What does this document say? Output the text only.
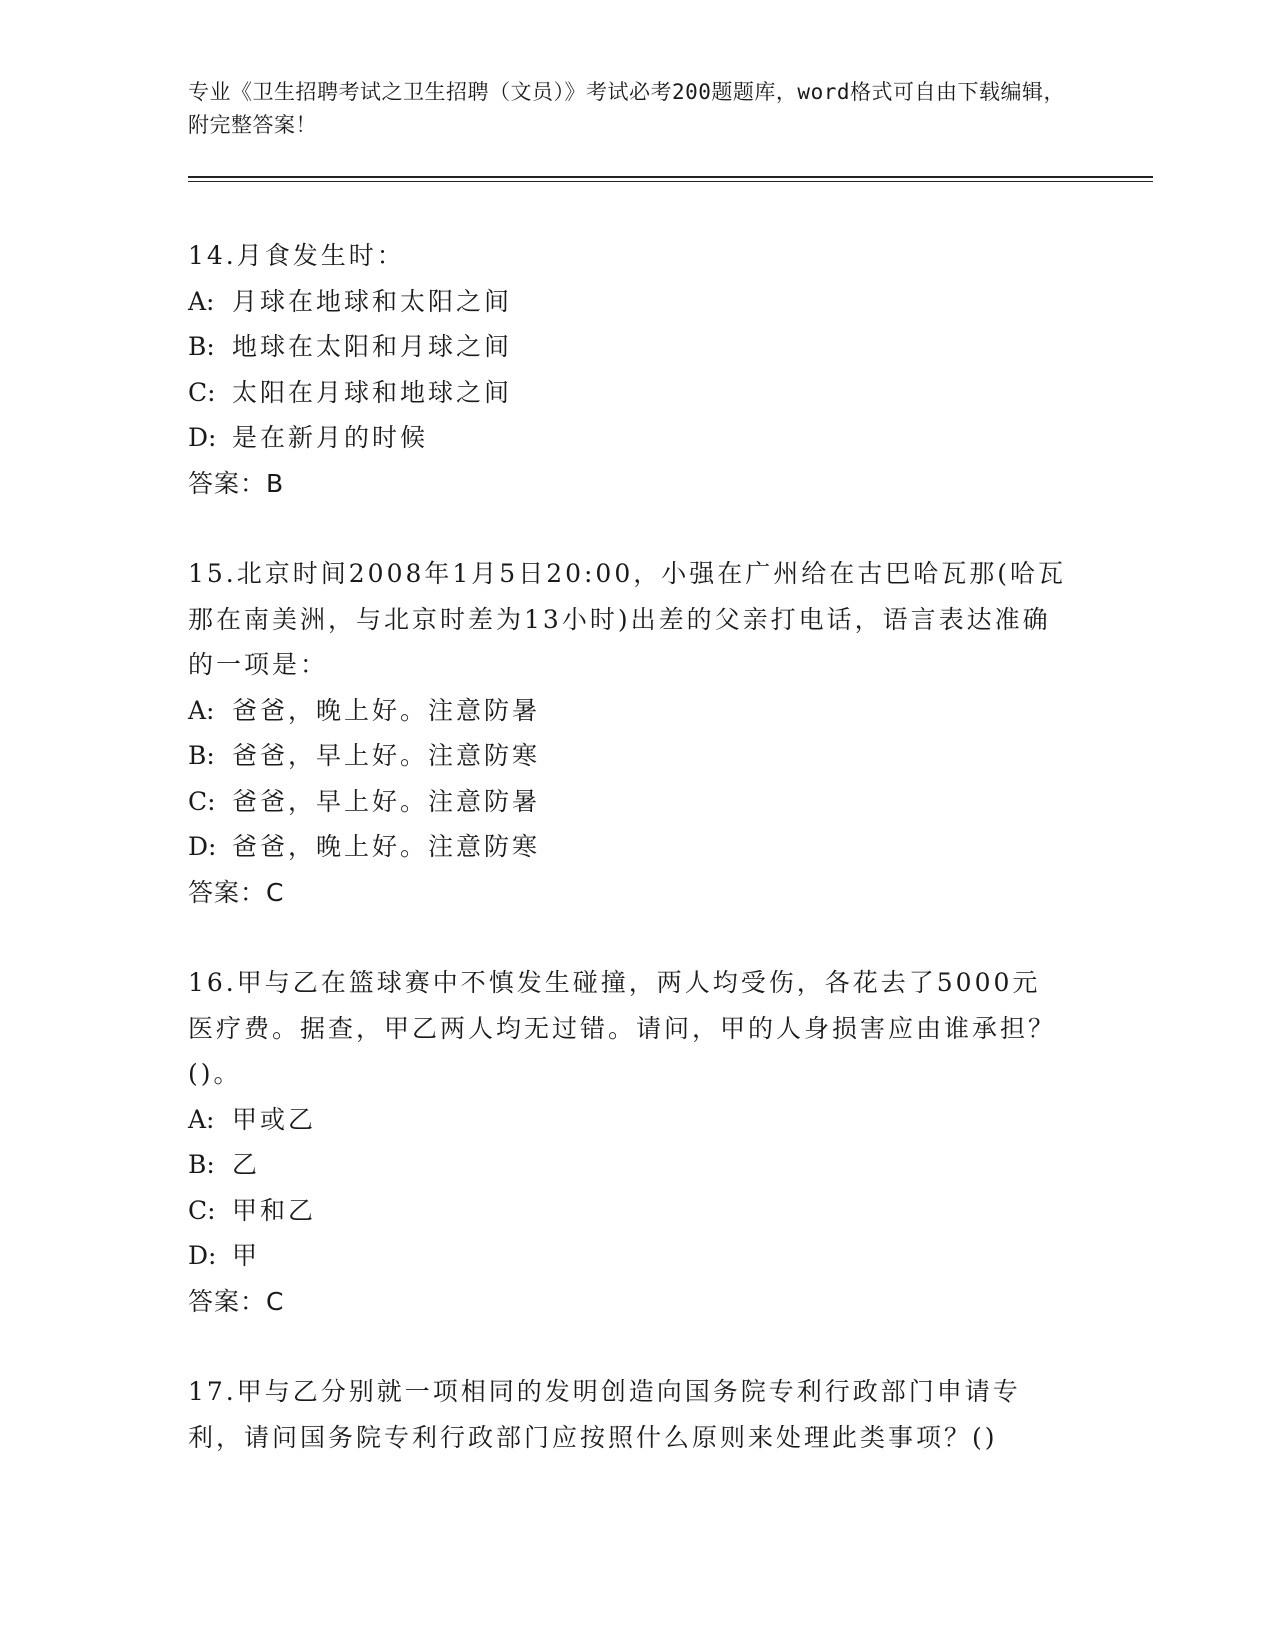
专业《卫生招聘考试之卫生招聘（文员）》考试必考200题题库，word格式可自由下载编辑，附完整答案！
14.月食发生时：
A: 月球在地球和太阳之间
B: 地球在太阳和月球之间
C: 太阳在月球和地球之间
D: 是在新月的时候
答案：B
15.北京时间2008年1月5日20:00，小强在广州给在古巴哈瓦那(哈瓦那在南美洲，与北京时差为13小时)出差的父亲打电话，语言表达准确的一项是：
A: 爸爸，晚上好。注意防暑
B: 爸爸，早上好。注意防寒
C: 爸爸，早上好。注意防暑
D: 爸爸，晚上好。注意防寒
答案：C
16.甲与乙在篮球赛中不慎发生碰撞，两人均受伤，各花去了5000元医疗费。据查，甲乙两人均无过错。请问，甲的人身损害应由谁承担？()。
A: 甲或乙
B: 乙
C: 甲和乙
D: 甲
答案：C
17.甲与乙分别就一项相同的发明创造向国务院专利行政部门申请专利，请问国务院专利行政部门应按照什么原则来处理此类事项？()
